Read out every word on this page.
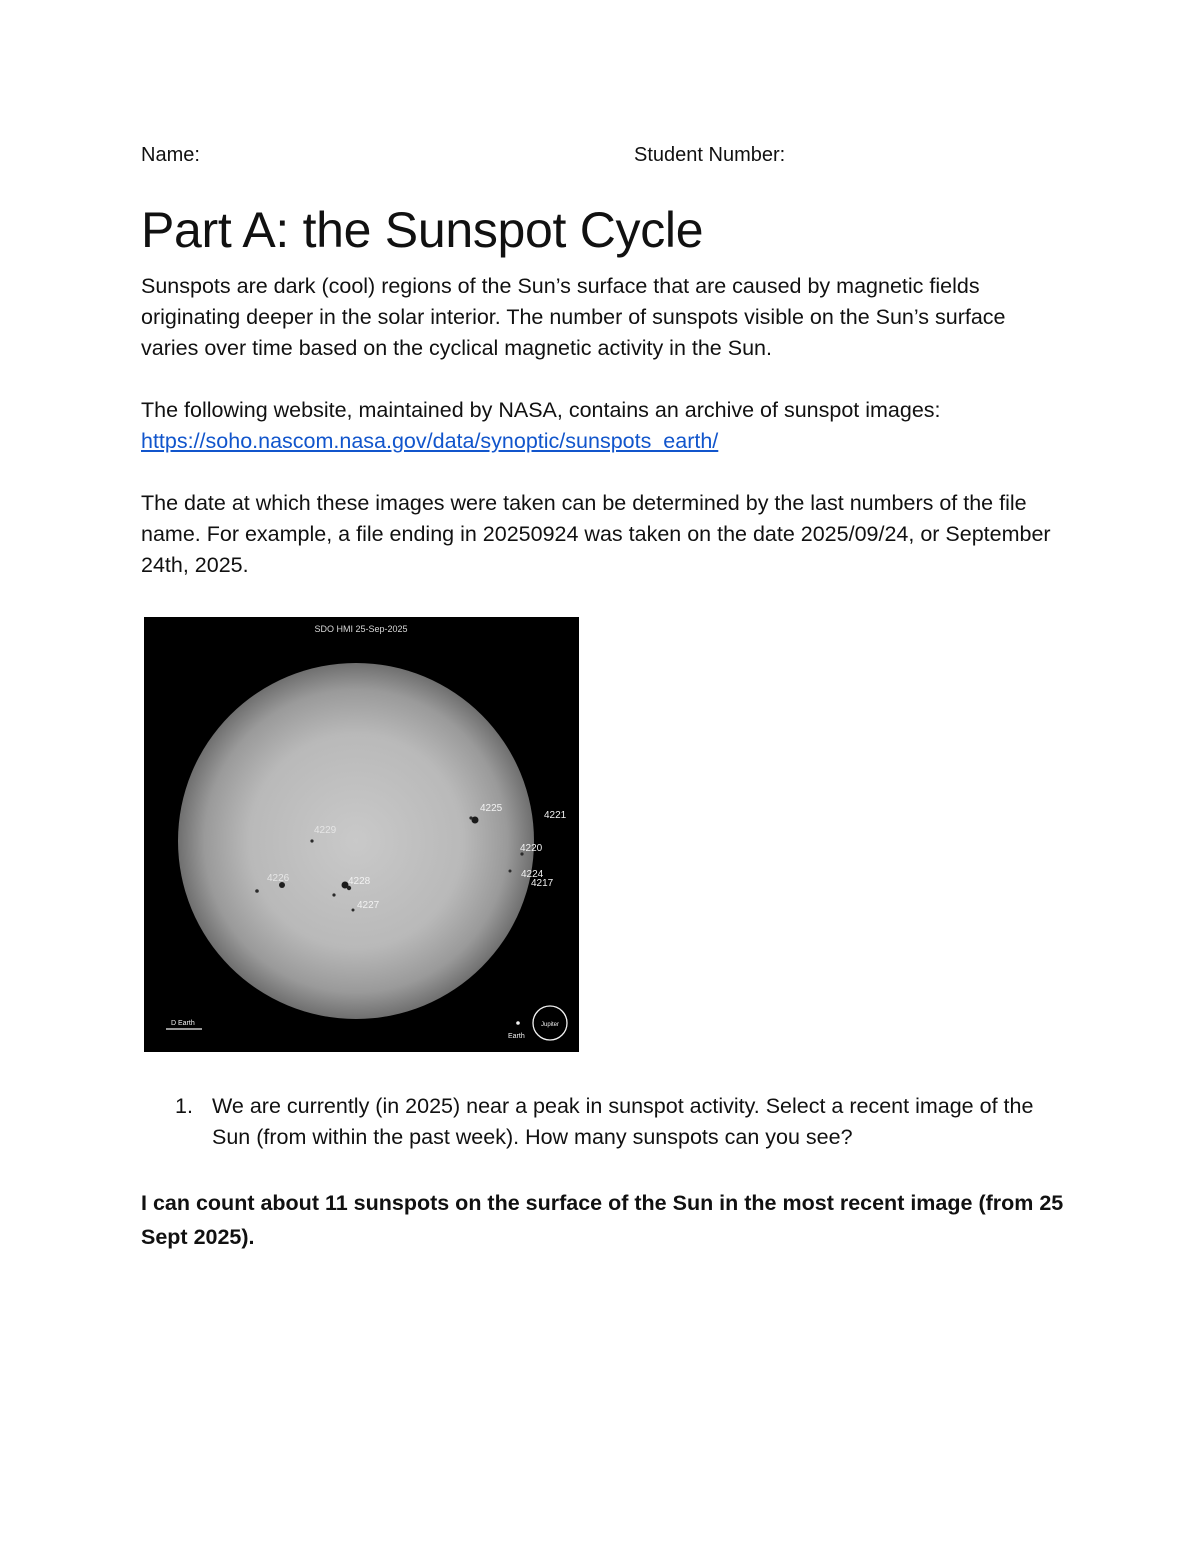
Name:	Student Number:
Part A: the Sunspot Cycle

Sunspots are dark (cool) regions of the Sun’s surface that are caused by magnetic fields originating deeper in the solar interior. The number of sunspots visible on the Sun’s surface varies over time based on the cyclical magnetic activity in the Sun.

The following website, maintained by NASA, contains an archive of sunspot images:
https://soho.nascom.nasa.gov/data/synoptic/sunspots_earth/

The date at which these images were taken can be determined by the last numbers of the file name. For example, a file ending in 20250924 was taken on the date 2025/09/24, or September 24th, 2025.

SDO HMI 25-Sep-2025
4225
4221
4220
4224
4217
4228
4227
4229
4226
D Earth
Earth
Jupiter
1. We are currently (in 2025) near a peak in sunspot activity. Select a recent image of the Sun (from within the past week). How many sunspots can you see?

I can count about 11 sunspots on the surface of the Sun in the most recent image (from 25 Sept 2025).
